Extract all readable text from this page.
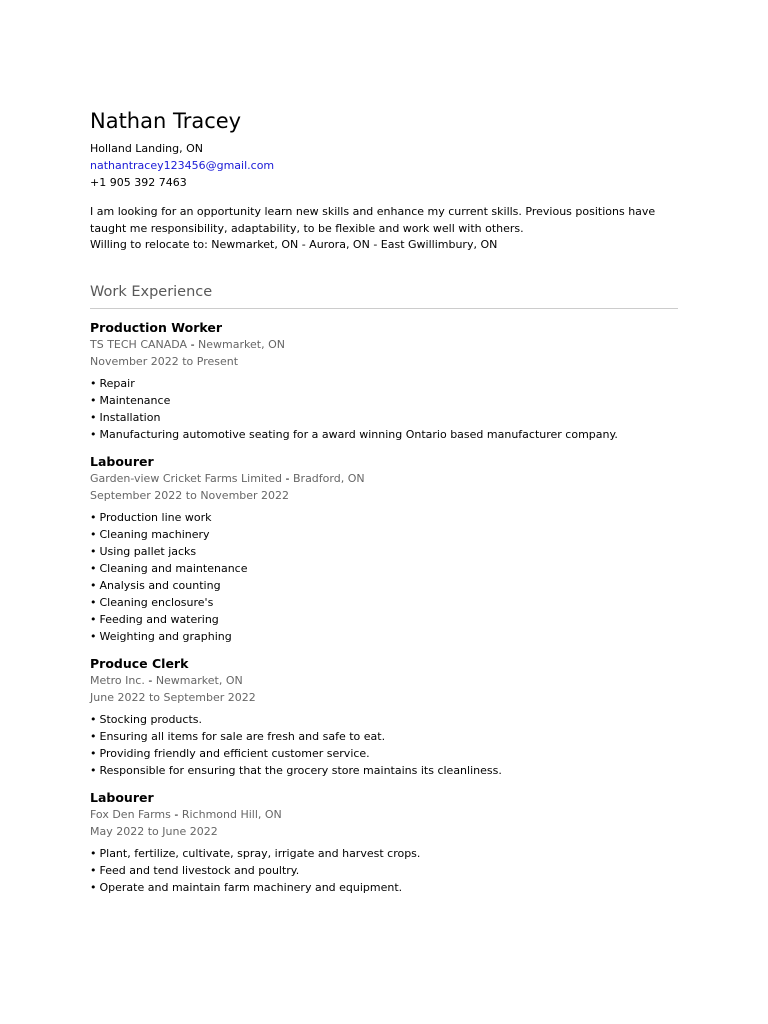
Nathan Tracey
Holland Landing, ON
nathantracey123456@gmail.com
+1 905 392 7463

I am looking for an opportunity learn new skills and enhance my current skills. Previous positions have taught me responsibility, adaptability, to be flexible and work well with others.

Willing to relocate to: Newmarket, ON - Aurora, ON - East Gwillimbury, ON

Work Experience
Production Worker
TS TECH CANADA - Newmarket, ON
November 2022 to Present
• Repair
• Maintenance
• Installation
• Manufacturing automotive seating for a award winning Ontario based manufacturer company.
Labourer
Garden-view Cricket Farms Limited - Bradford, ON
September 2022 to November 2022
• Production line work
• Cleaning machinery
• Using pallet jacks
• Cleaning and maintenance
• Analysis and counting
• Cleaning enclosure's
• Feeding and watering
• Weighting and graphing
Produce Clerk
Metro Inc. - Newmarket, ON
June 2022 to September 2022
• Stocking products.
• Ensuring all items for sale are fresh and safe to eat.
• Providing friendly and efficient customer service.
• Responsible for ensuring that the grocery store maintains its cleanliness.
Labourer
Fox Den Farms - Richmond Hill, ON
May 2022 to June 2022
• Plant, fertilize, cultivate, spray, irrigate and harvest crops.
• Feed and tend livestock and poultry.
• Operate and maintain farm machinery and equipment.
